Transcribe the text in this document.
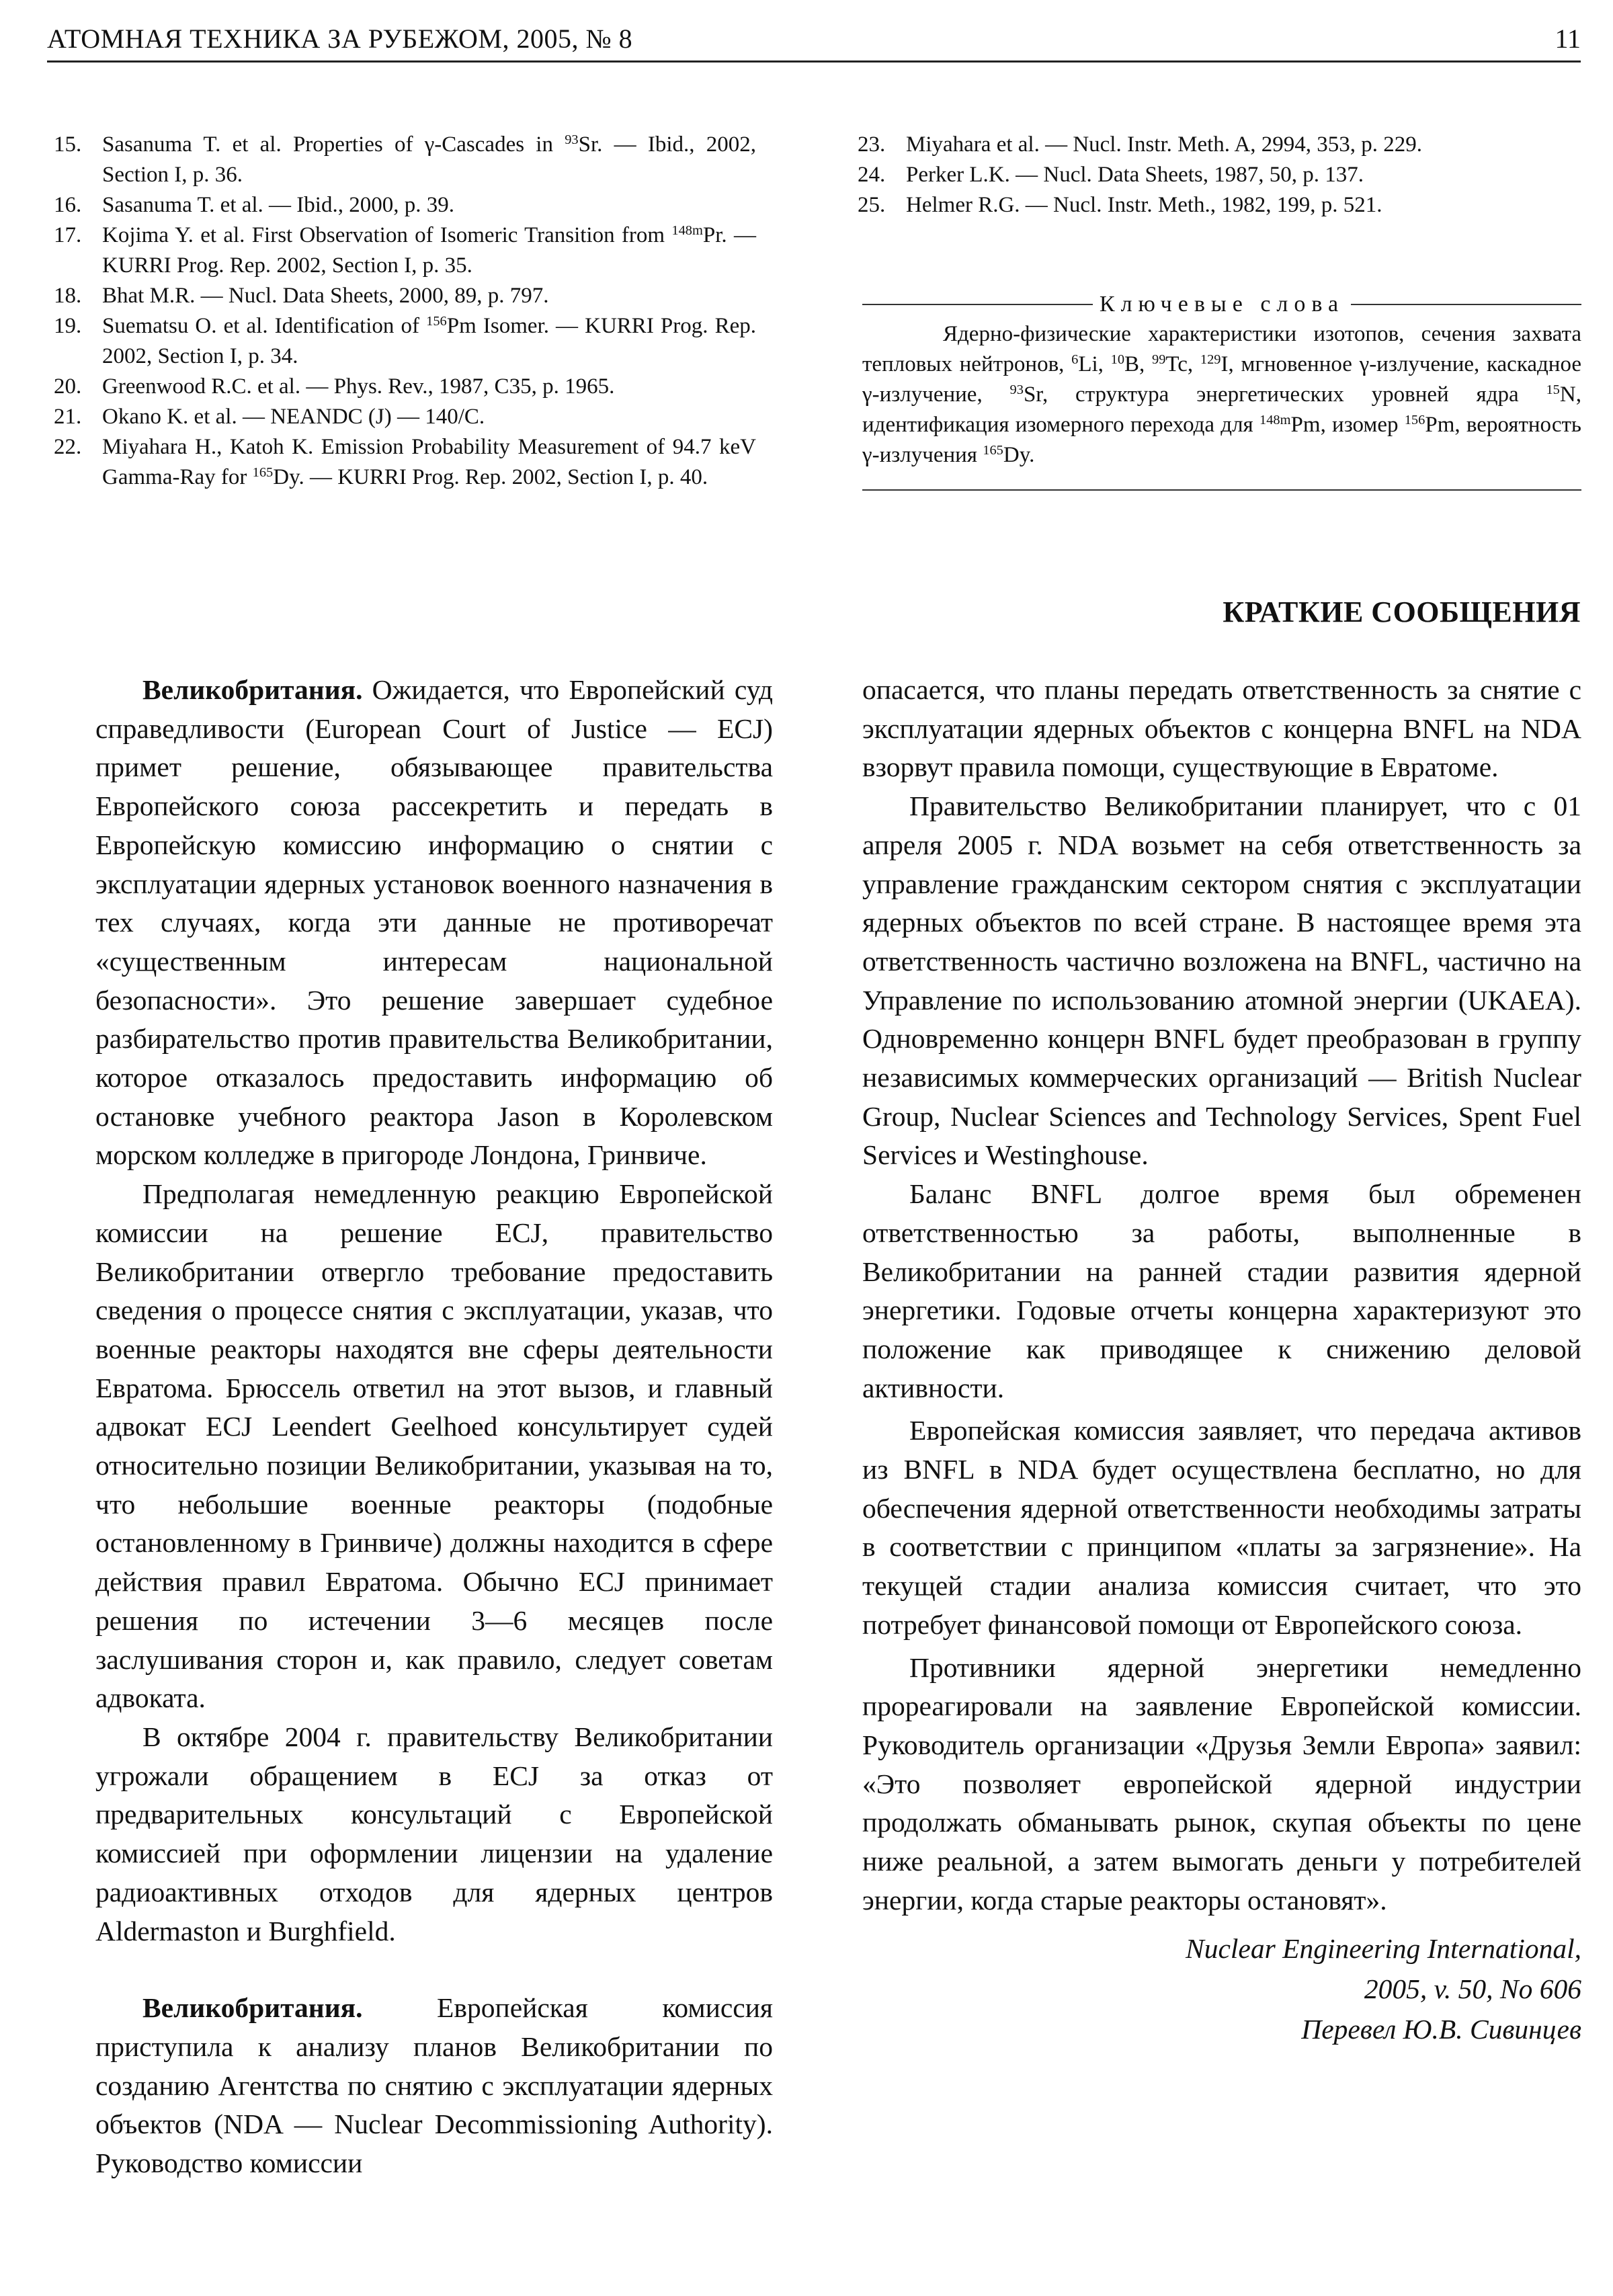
АТОМНАЯ ТЕХНИКА ЗА РУБЕЖОМ, 2005, № 8	11
15. Sasanuma T. et al. Properties of γ-Cascades in $^{93}$Sr. — Ibid., 2002, Section I, p. 36.
16. Sasanuma T. et al. — Ibid., 2000, p. 39.
17. Kojima Y. et al. First Observation of Isomeric Transition from $^{148m}$Pr. — KURRI Prog. Rep. 2002, Section I, p. 35.
18. Bhat M.R. — Nucl. Data Sheets, 2000, 89, p. 797.
19. Suematsu O. et al. Identification of $^{156}$Pm Isomer. — KURRI Prog. Rep. 2002, Section I, p. 34.
20. Greenwood R.C. et al. — Phys. Rev., 1987, C35, p. 1965.
21. Okano K. et al. — NEANDC (J) — 140/C.
22. Miyahara H., Katoh K. Emission Probability Measurement of 94.7 keV Gamma-Ray for $^{165}$Dy. — KURRI Prog. Rep. 2002, Section I, p. 40.
23. Miyahara et al. — Nucl. Instr. Meth. A, 2994, 353, p. 229.
24. Perker L.K. — Nucl. Data Sheets, 1987, 50, p. 137.
25. Helmer R.G. — Nucl. Instr. Meth., 1982, 199, p. 521.
Ключевые слова
Ядерно-физические характеристики изотопов, сечения захвата тепловых нейтронов, $^6$Li, $^{10}$B, $^{99}$Tc, $^{129}$I, мгновенное γ-излучение, каскадное γ-излучение, $^{93}$Sr, структура энергетических уровней ядра $^{15}$N, идентификация изомерного перехода для $^{148m}$Pm, изомер $^{156}$Pm, вероятность γ-излучения $^{165}$Dy.
КРАТКИЕ СООБЩЕНИЯ

Великобритания. Ожидается, что Европейский суд справедливости (European Court of Justice — ECJ) примет решение, обязывающее правительства Европейского союза рассекретить и передать в Европейскую комиссию информацию о снятии с эксплуатации ядерных установок военного назначения в тех случаях, когда эти данные не противоречат «существенным интересам национальной безопасности». Это решение завершает судебное разбирательство против правительства Великобритании, которое отказалось предоставить информацию об остановке учебного реактора Jason в Королевском морском колледже в пригороде Лондона, Гринвиче.

Предполагая немедленную реакцию Европейской комиссии на решение ECJ, правительство Великобритании отвергло требование предоставить сведения о процессе снятия с эксплуатации, указав, что военные реакторы находятся вне сферы деятельности Евратома. Брюссель ответил на этот вызов, и главный адвокат ECJ Leendert Geelhoed консультирует судей относительно позиции Великобритании, указывая на то, что небольшие военные реакторы (подобные остановленному в Гринвиче) должны находится в сфере действия правил Евратома. Обычно ECJ принимает решения по истечении 3—6 месяцев после заслушивания сторон и, как правило, следует советам адвоката.

В октябре 2004 г. правительству Великобритании угрожали обращением в ECJ за отказ от предварительных консультаций с Европейской комиссией при оформлении лицензии на удаление радиоактивных отходов для ядерных центров Aldermaston и Burghfield.

Великобритания. Европейская комиссия приступила к анализу планов Великобритании по созданию Агентства по снятию с эксплуатации ядерных объектов (NDA — Nuclear Decommissioning Authority). Руководство комиссии

опасается, что планы передать ответственность за снятие с эксплуатации ядерных объектов с концерна BNFL на NDA взорвут правила помощи, существующие в Евратоме.

Правительство Великобритании планирует, что с 01 апреля 2005 г. NDA возьмет на себя ответственность за управление гражданским сектором снятия с эксплуатации ядерных объектов по всей стране. В настоящее время эта ответственность частично возложена на BNFL, частично на Управление по использованию атомной энергии (UKAEA). Одновременно концерн BNFL будет преобразован в группу независимых коммерческих организаций — British Nuclear Group, Nuclear Sciences and Technology Services, Spent Fuel Services и Westinghouse.

Баланс BNFL долгое время был обременен ответственностью за работы, выполненные в Великобритании на ранней стадии развития ядерной энергетики. Годовые отчеты концерна характеризуют это положение как приводящее к снижению деловой активности.

Европейская комиссия заявляет, что передача активов из BNFL в NDA будет осуществлена бесплатно, но для обеспечения ядерной ответственности необходимы затраты в соответствии с принципом «платы за загрязнение». На текущей стадии анализа комиссия считает, что это потребует финансовой помощи от Европейского союза.

Противники ядерной энергетики немедленно прореагировали на заявление Европейской комиссии. Руководитель организации «Друзья Земли Европа» заявил: «Это позволяет европейской ядерной индустрии продолжать обманывать рынок, скупая объекты по цене ниже реальной, а затем вымогать деньги у потребителей энергии, когда старые реакторы остановят».

Nuclear Engineering International,
2005, v. 50, No 606
Перевел Ю.В. Сивинцев
